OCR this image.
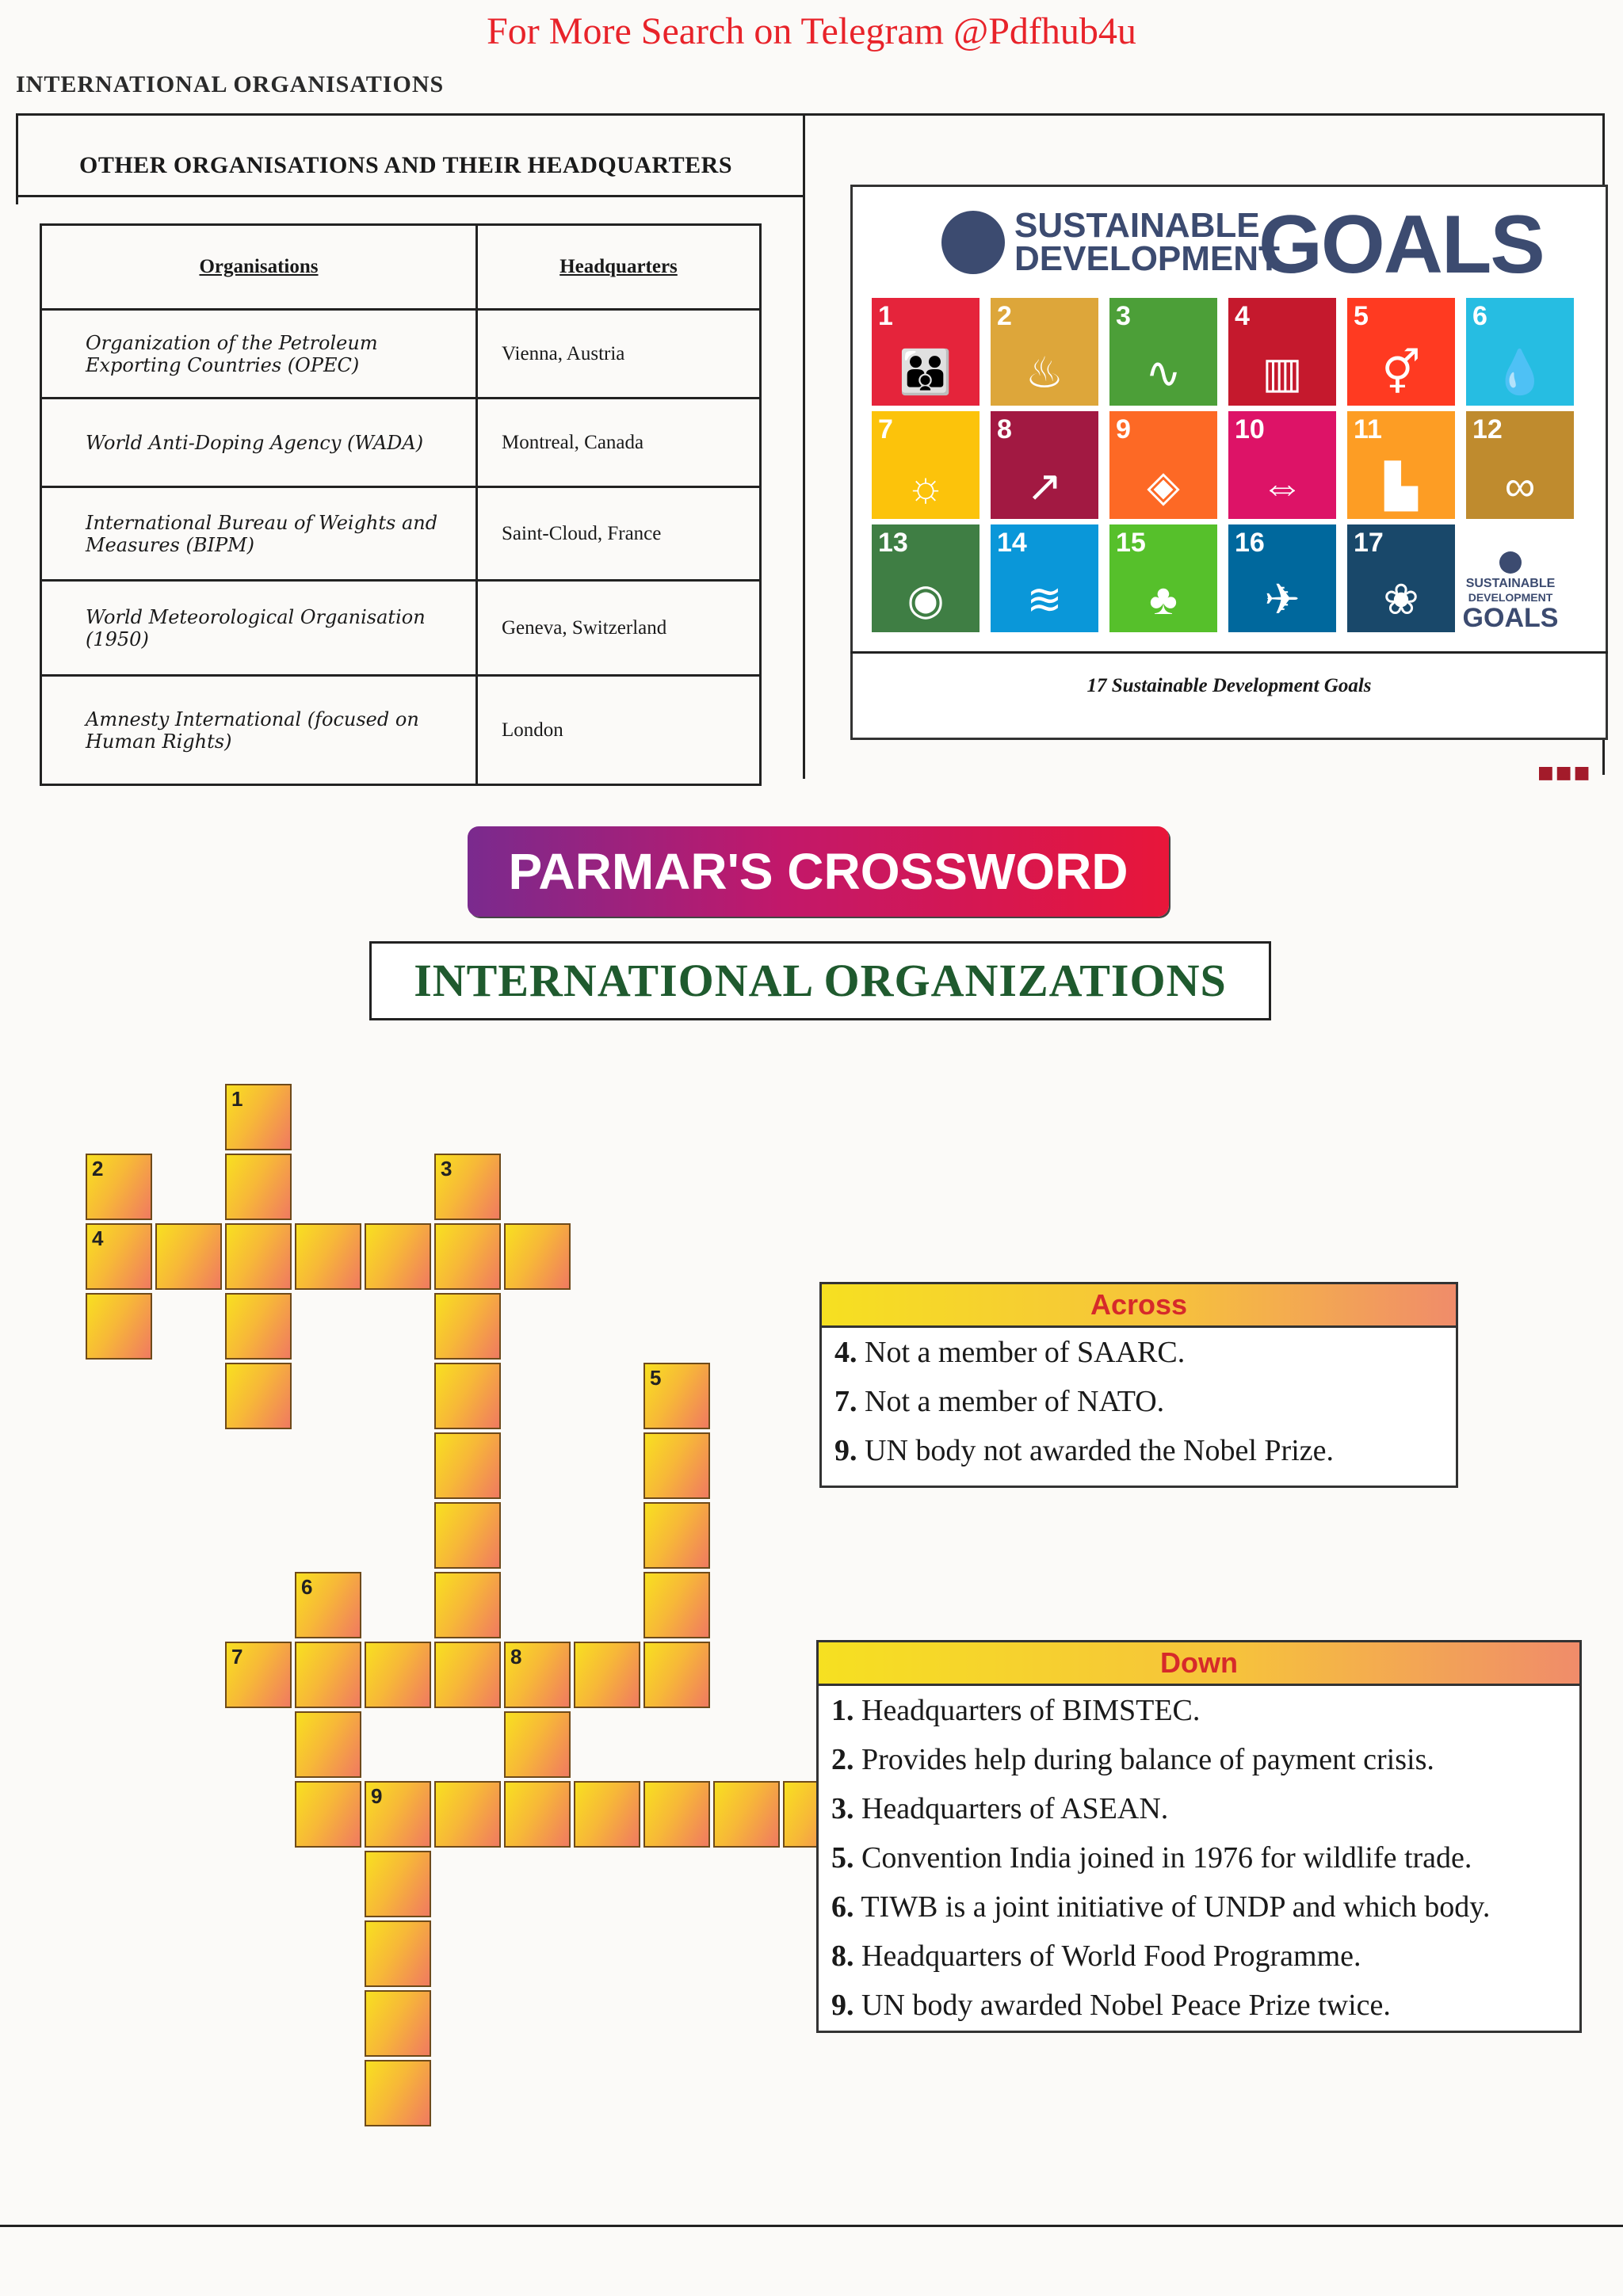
For More Search on Telegram @Pdfhub4u
INTERNATIONAL ORGANISATIONS
OTHER ORGANISATIONS AND THEIR HEADQUARTERS
Organisations	Headquarters
Organization of the Petroleum Exporting Countries (OPEC)	Vienna, Austria
World Anti-Doping Agency (WADA)	Montreal, Canada
International Bureau of Weights and Measures (BIPM)	Saint-Cloud, France
World Meteorological Organisation (1950)	Geneva, Switzerland
Amnesty International (focused on Human Rights)	London
SUSTAINABLE
DEVELOPMENT
GOALS
1
👪
2
♨
3
∿
4
▥
5
⚥
6
💧
7
☼
8
↗
9
◈
10
⇔
11
▙
12
∞
13
◉
14
≋
15
♣
16
✈
17
❀	SUSTAINABLE
DEVELOPMENT
GOALS
17 Sustainable Development Goals
■■■
PARMAR'S CROSSWORD
INTERNATIONAL ORGANIZATIONS
1
2
4
3
5
6
7	8
9
Across
4. Not a member of SAARC.
7. Not a member of NATO.
9. UN body not awarded the Nobel Prize.
Down
1. Headquarters of BIMSTEC.
2. Provides help during balance of payment crisis.
3. Headquarters of ASEAN.
5. Convention India joined in 1976 for wildlife trade.
6. TIWB is a joint initiative of UNDP and which body.
8. Headquarters of World Food Programme.
9. UN body awarded Nobel Peace Prize twice.
